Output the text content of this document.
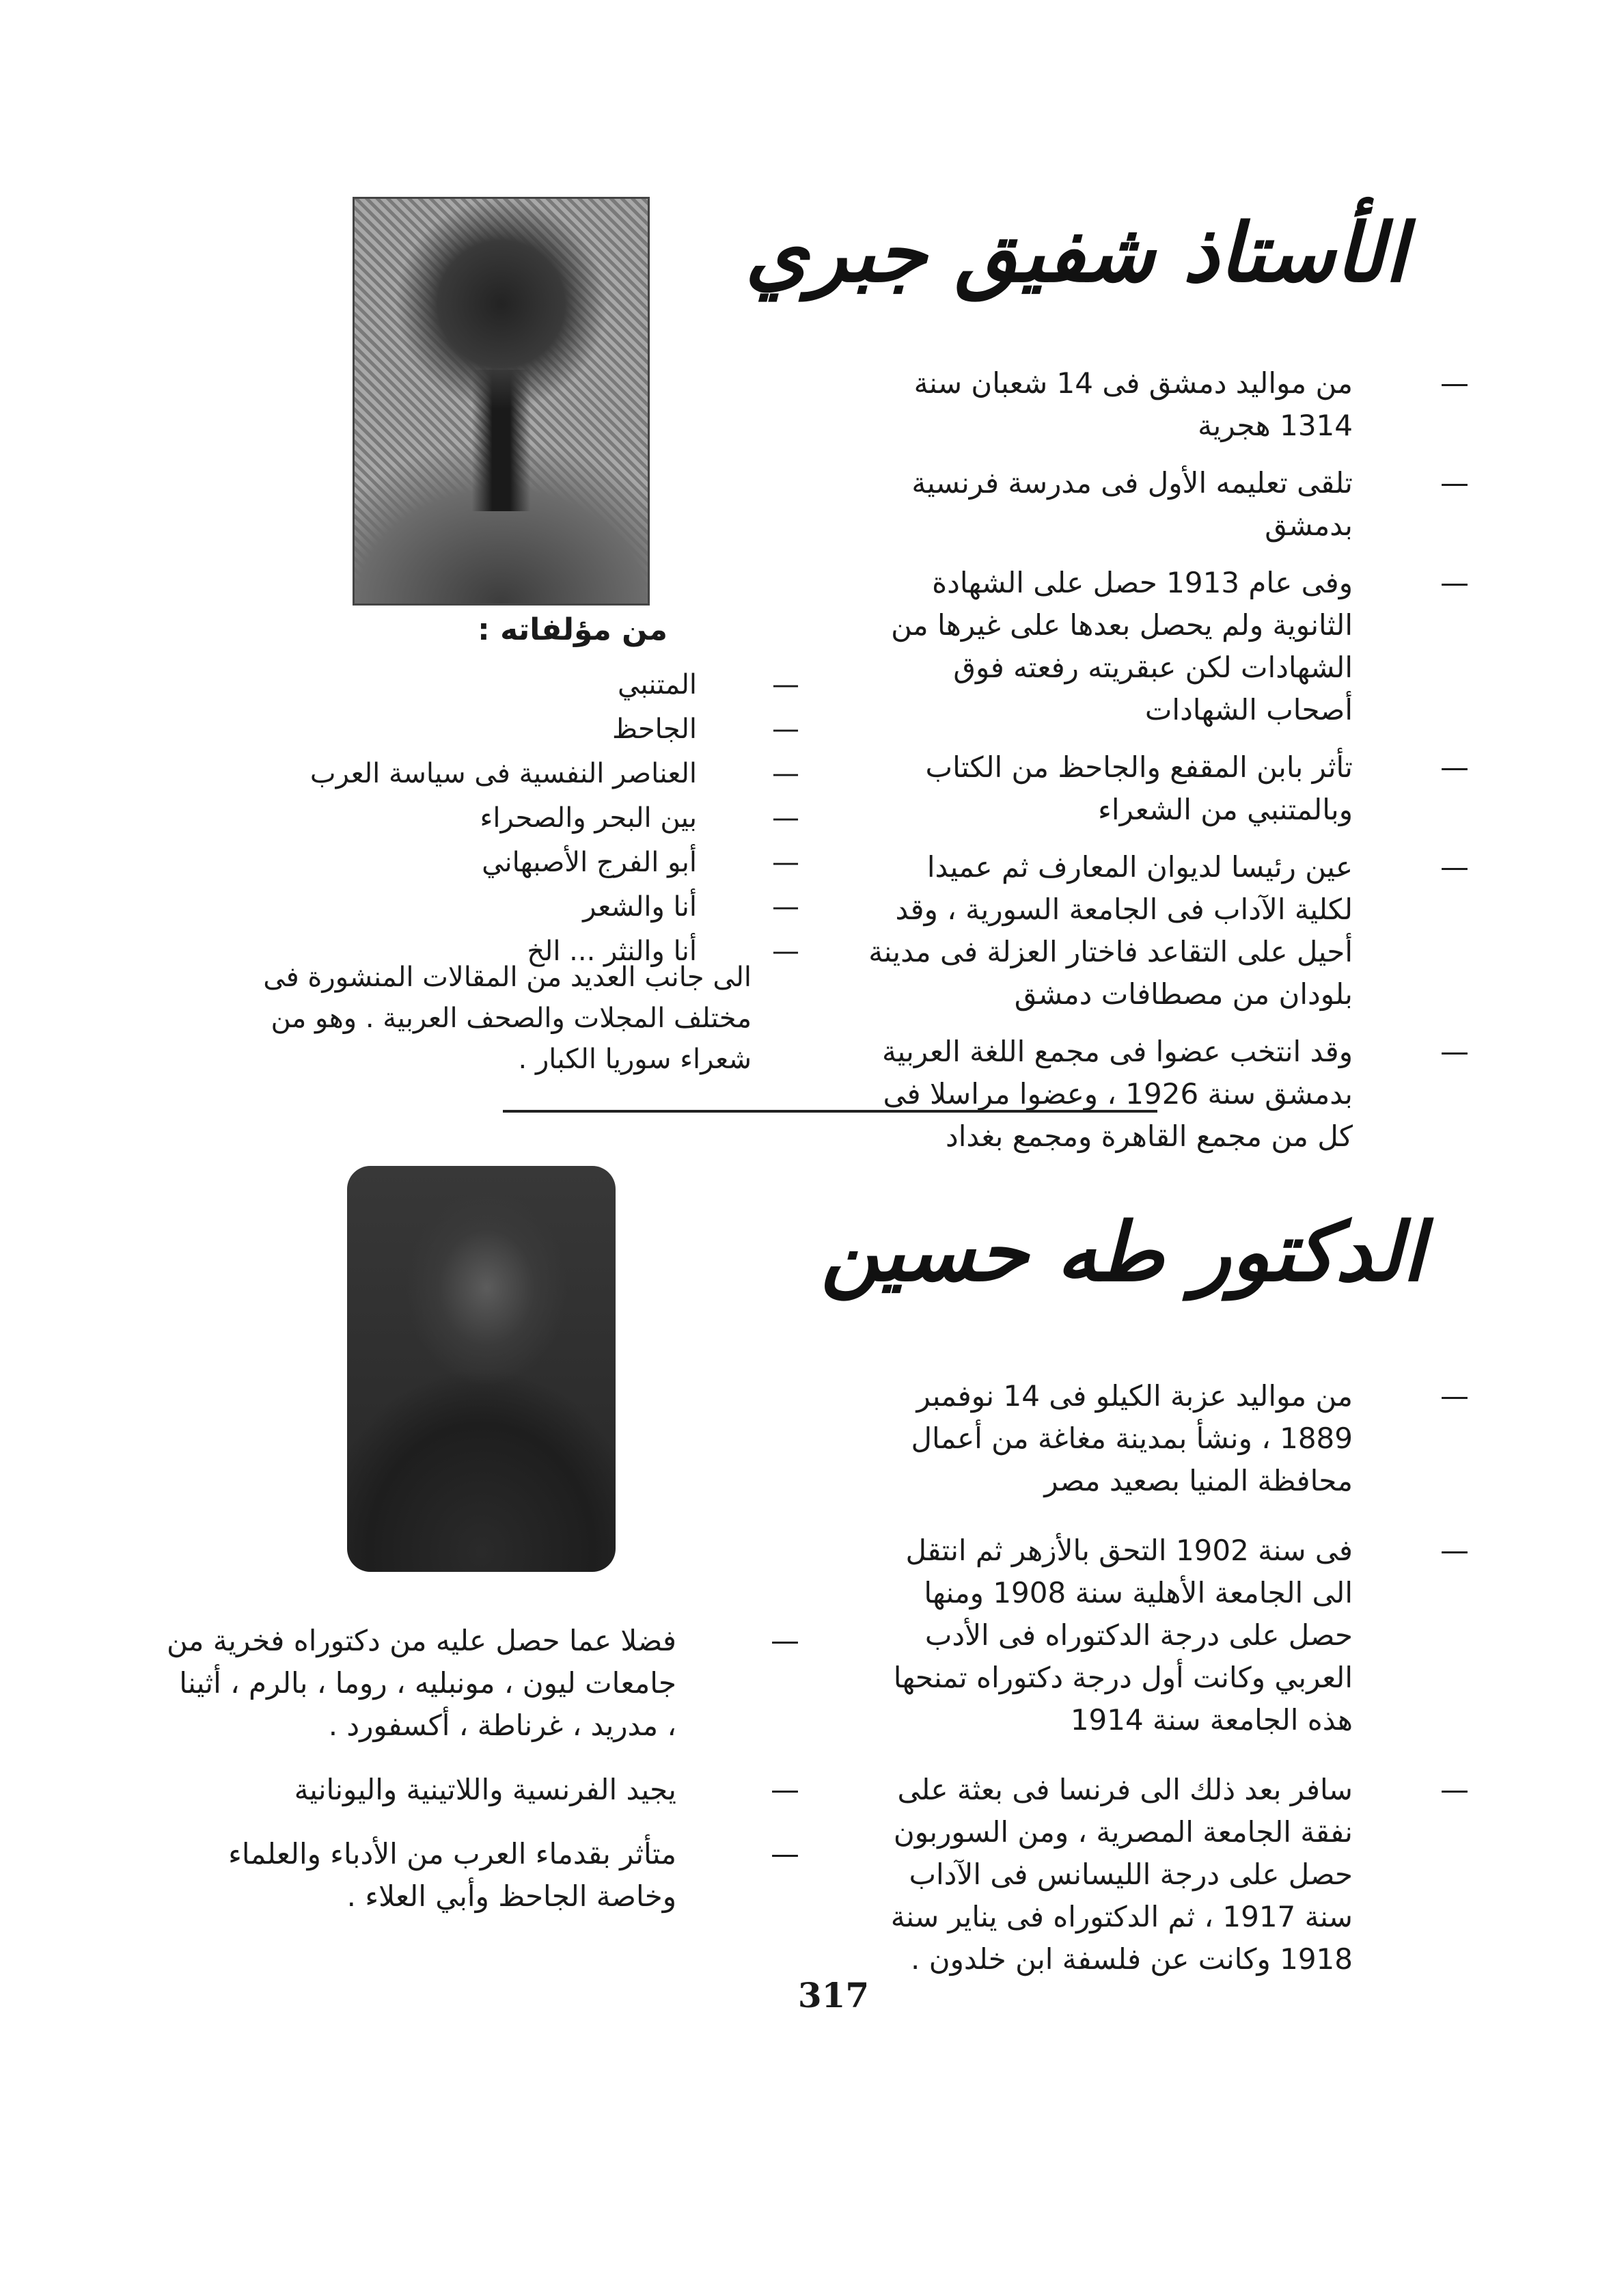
الأستاذ شفيق جبري
— من مواليد دمشق فى 14 شعبان سنة 1314 هجرية
— تلقى تعليمه الأول فى مدرسة فرنسية بدمشق
— وفى عام 1913 حصل على الشهادة الثانوية ولم يحصل بعدها على غيرها من الشهادات لكن عبقريته رفعته فوق أصحاب الشهادات
— تأثر بابن المقفع والجاحظ من الكتاب وبالمتنبي من الشعراء
— عين رئيسا لديوان المعارف ثم عميدا لكلية الآداب فى الجامعة السورية ، وقد أحيل على التقاعد فاختار العزلة فى مدينة بلودان من مصطافات دمشق
— وقد انتخب عضوا فى مجمع اللغة العربية بدمشق سنة 1926 ، وعضوا مراسلا فى كل من مجمع القاهرة ومجمع بغداد
من مؤلفاته :
— المتنبي
— الجاحظ
— العناصر النفسية فى سياسة العرب
— بين البحر والصحراء
— أبو الفرج الأصبهاني
— أنا والشعر
— أنا والنثر ... الخ
الى جانب العديد من المقالات المنشورة فى مختلف المجلات والصحف العربية . وهو من شعراء سوريا الكبار .
الدكتور طه حسين
— من مواليد عزبة الكيلو فى 14 نوفمبر 1889 ، ونشأ بمدينة مغاغة من أعمال محافظة المنيا بصعيد مصر
— فى سنة 1902 التحق بالأزهر ثم انتقل الى الجامعة الأهلية سنة 1908 ومنها حصل على درجة الدكتوراه فى الأدب العربي وكانت أول درجة دكتوراه تمنحها هذه الجامعة سنة 1914
— سافر بعد ذلك الى فرنسا فى بعثة على نفقة الجامعة المصرية ، ومن السوربون حصل على درجة الليسانس فى الآداب سنة 1917 ، ثم الدكتوراه فى يناير سنة 1918 وكانت عن فلسفة ابن خلدون .
— فضلا عما حصل عليه من دكتوراه فخرية من جامعات ليون ، مونبليه ، روما ، بالرم ، أثينا ، مدريد ، غرناطة ، أكسفورد .
— يجيد الفرنسية واللاتينية واليونانية
— متأثر بقدماء العرب من الأدباء والعلماء وخاصة الجاحظ وأبي العلاء .
317
